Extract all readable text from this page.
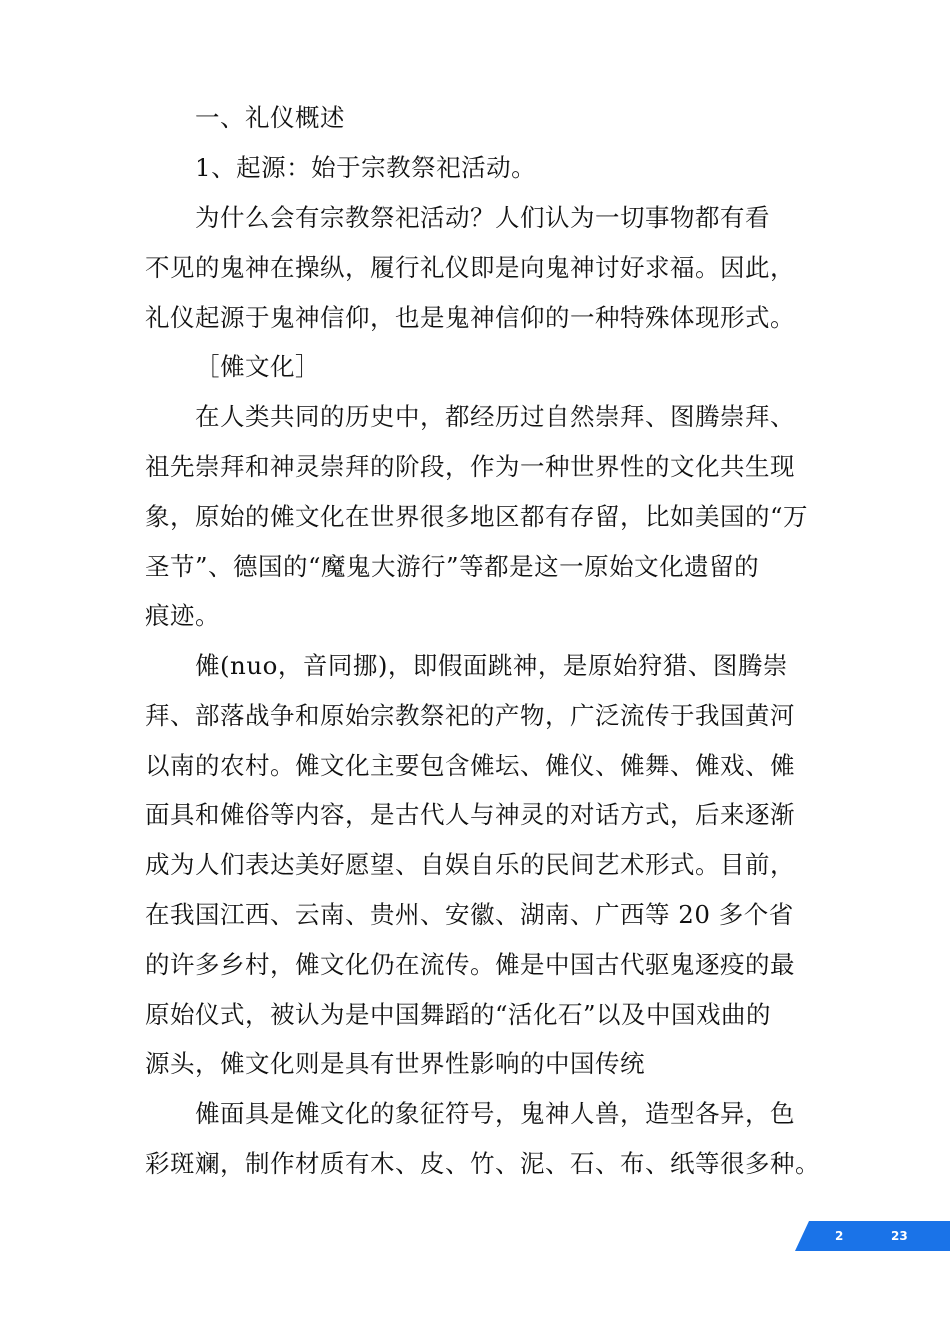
一、礼仪概述
1、起源：始于宗教祭祀活动。
为什么会有宗教祭祀活动？人们认为一切事物都有看
不见的鬼神在操纵，履行礼仪即是向鬼神讨好求福。因此，
礼仪起源于鬼神信仰，也是鬼神信仰的一种特殊体现形式。
［傩文化］
在人类共同的历史中，都经历过自然崇拜、图腾崇拜、
祖先崇拜和神灵崇拜的阶段，作为一种世界性的文化共生现
象，原始的傩文化在世界很多地区都有存留，比如美国的“万
圣节”、德国的“魔鬼大游行”等都是这一原始文化遗留的
痕迹。
傩(nuo，音同挪)，即假面跳神，是原始狩猎、图腾崇
拜、部落战争和原始宗教祭祀的产物，广泛流传于我国黄河
以南的农村。傩文化主要包含傩坛、傩仪、傩舞、傩戏、傩
面具和傩俗等内容，是古代人与神灵的对话方式，后来逐渐
成为人们表达美好愿望、自娱自乐的民间艺术形式。目前，
在我国江西、云南、贵州、安徽、湖南、广西等 20 多个省
的许多乡村，傩文化仍在流传。傩是中国古代驱鬼逐疫的最
原始仪式，被认为是中国舞蹈的“活化石”以及中国戏曲的
源头，傩文化则是具有世界性影响的中国传统
傩面具是傩文化的象征符号，鬼神人兽，造型各异，色
彩斑斓，制作材质有木、皮、竹、泥、石、布、纸等很多种。
2	23
